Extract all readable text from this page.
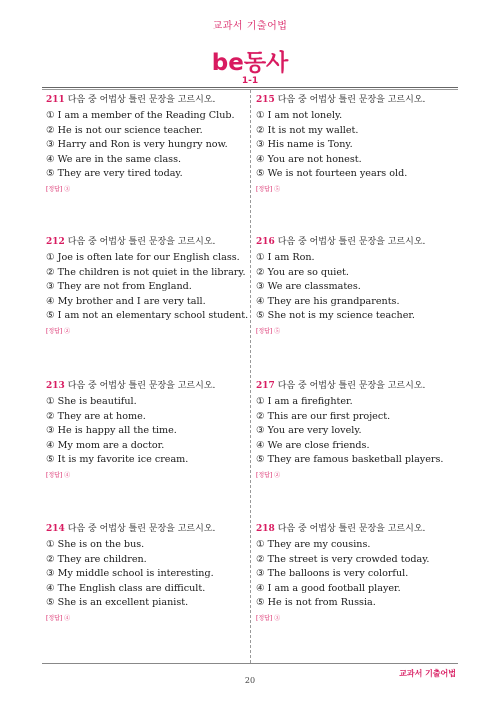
교과서 기출어법
be동사
1-1
211 다음 중 어법상 틀린 문장을 고르시오.
① I am a member of the Reading Club.
② He is not our science teacher.
③ Harry and Ron is very hungry now.
④ We are in the same class.
⑤ They are very tired today.
[정답] ③
212 다음 중 어법상 틀린 문장을 고르시오.
① Joe is often late for our English class.
② The children is not quiet in the library.
③ They are not from England.
④ My brother and I are very tall.
⑤ I am not an elementary school student.
[정답] ②
213 다음 중 어법상 틀린 문장을 고르시오.
① She is beautiful.
② They are at home.
③ He is happy all the time.
④ My mom are a doctor.
⑤ It is my favorite ice cream.
[정답] ④
214 다음 중 어법상 틀린 문장을 고르시오.
① She is on the bus.
② They are children.
③ My middle school is interesting.
④ The English class are difficult.
⑤ She is an excellent pianist.
[정답] ④
215 다음 중 어법상 틀린 문장을 고르시오.
① I am not lonely.
② It is not my wallet.
③ His name is Tony.
④ You are not honest.
⑤ We is not fourteen years old.
[정답] ⑤
216 다음 중 어법상 틀린 문장을 고르시오.
① I am Ron.
② You are so quiet.
③ We are classmates.
④ They are his grandparents.
⑤ She not is my science teacher.
[정답] ⑤
217 다음 중 어법상 틀린 문장을 고르시오.
① I am a firefighter.
② This are our first project.
③ You are very lovely.
④ We are close friends.
⑤ They are famous basketball players.
[정답] ②
218 다음 중 어법상 틀린 문장을 고르시오.
① They are my cousins.
② The street is very crowded today.
③ The balloons is very colorful.
④ I am a good football player.
⑤ He is not from Russia.
[정답] ③
교과서 기출어법
20
